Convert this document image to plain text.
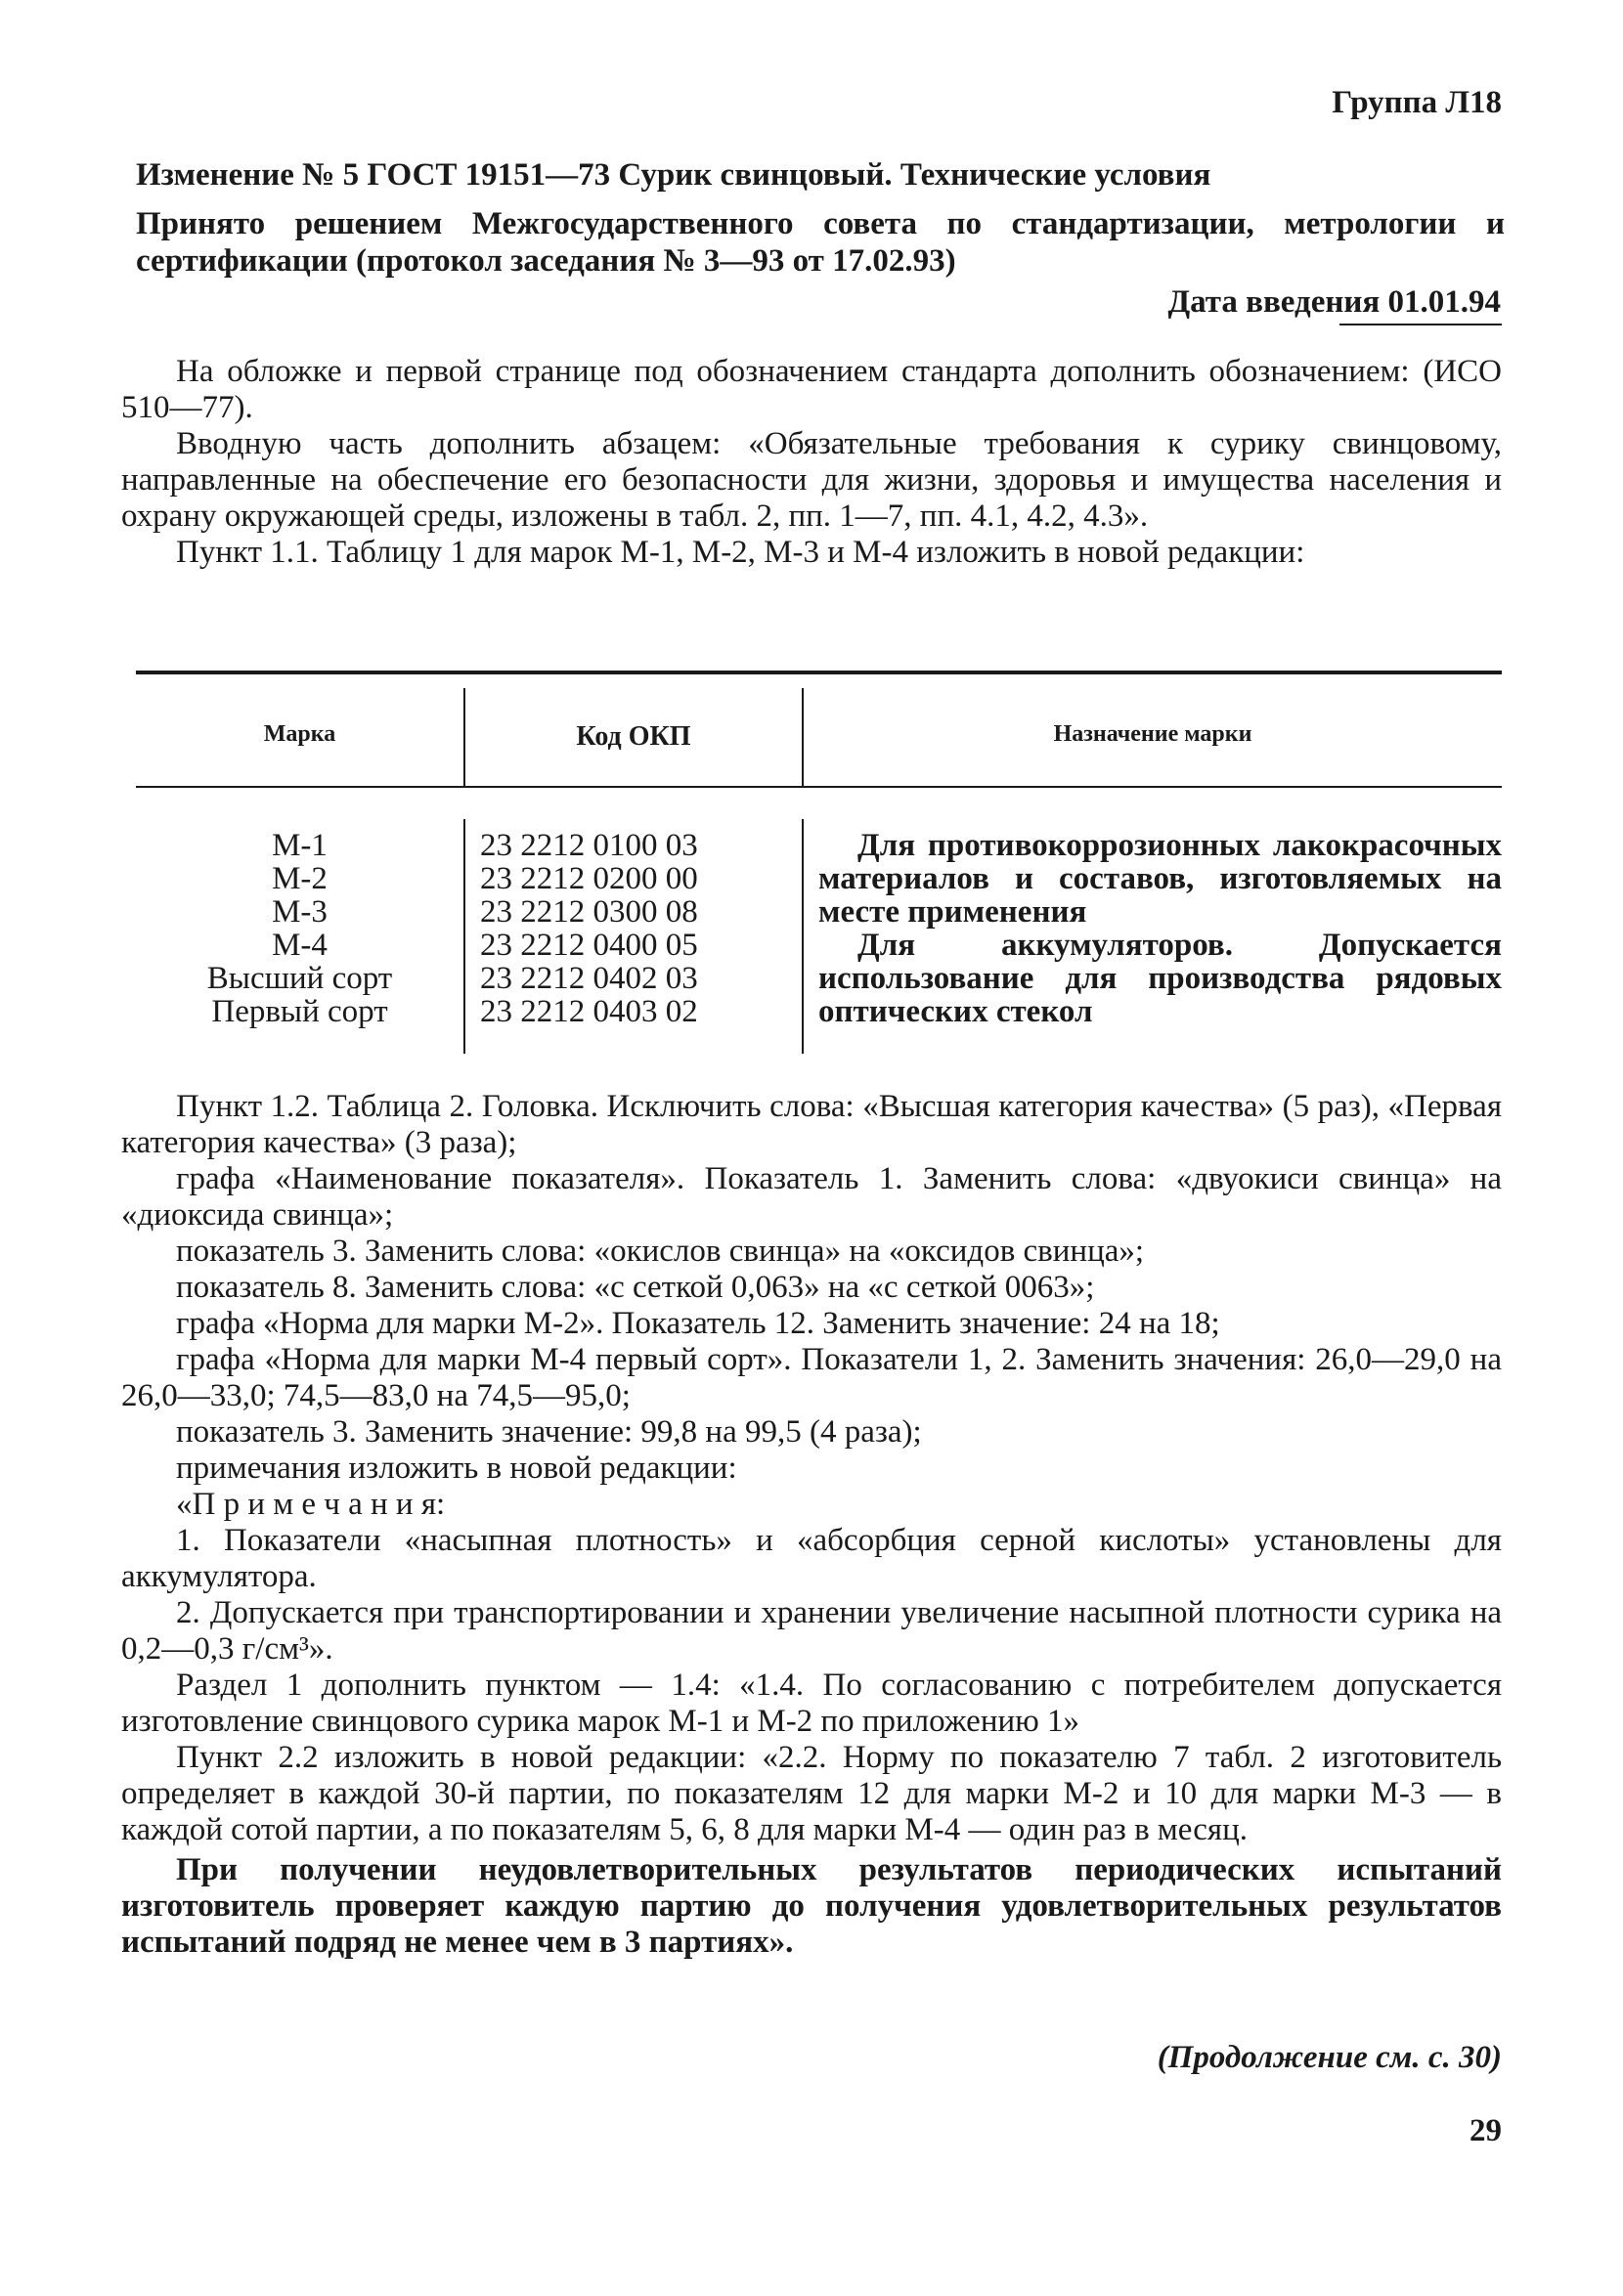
Группа Л18
Изменение № 5 ГОСТ 19151—73 Сурик свинцовый. Технические условия
Принято решением Межгосударственного совета по стандартизации, метрологии и сертификации (протокол заседания № 3—93 от 17.02.93)
Дата введения 01.01.94

На обложке и первой странице под обозначением стандарта дополнить обозначением: (ИСО 510—77).

Вводную часть дополнить абзацем: «Обязательные требования к сурику свинцовому, направленные на обеспечение его безопасности для жизни, здоровья и имущества населения и охрану окружающей среды, изложены в табл. 2, пп. 1—7, пп. 4.1, 4.2, 4.3».

Пункт 1.1. Таблицу 1 для марок М-1, М-2, М-3 и М-4 изложить в новой редакции:

Марка	Код ОКП	Назначение марки
М-1
М-2
М-3
М-4
Высший сорт
Первый сорт
23 2212 0100 03
23 2212 0200 00
23 2212 0300 08
23 2212 0400 05
23 2212 0402 03
23 2212 0403 02
Для противокоррозионных лакокрасочных материалов и составов, изготовляемых на месте применения
Для аккумуляторов. Допускается использование для производства рядовых оптических стекол

Пункт 1.2. Таблица 2. Головка. Исключить слова: «Высшая категория качества» (5 раз), «Первая категория качества» (3 раза);

графа «Наименование показателя». Показатель 1. Заменить слова: «двуокиси свинца» на «диоксида свинца»;

показатель 3. Заменить слова: «окислов свинца» на «оксидов свинца»;

показатель 8. Заменить слова: «с сеткой 0,063» на «с сеткой 0063»;

графа «Норма для марки М-2». Показатель 12. Заменить значение: 24 на 18;

графа «Норма для марки М-4 первый сорт». Показатели 1, 2. Заменить значения: 26,0—29,0 на 26,0—33,0; 74,5—83,0 на 74,5—95,0;

показатель 3. Заменить значение: 99,8 на 99,5 (4 раза);

примечания изложить в новой редакции:

«П р и м е ч а н и я:

1. Показатели «насыпная плотность» и «абсорбция серной кислоты» установлены для аккумулятора.

2. Допускается при транспортировании и хранении увеличение насыпной плотности сурика на 0,2—0,3 г/см³».

Раздел 1 дополнить пунктом — 1.4: «1.4. По согласованию с потребителем допускается изготовление свинцового сурика марок М-1 и М-2 по приложению 1»

Пункт 2.2 изложить в новой редакции: «2.2. Норму по показателю 7 табл. 2 изготовитель определяет в каждой 30-й партии, по показателям 12 для марки М-2 и 10 для марки М-3 — в каждой сотой партии, а по показателям 5, 6, 8 для марки М-4 — один раз в месяц.

При получении неудовлетворительных результатов периодических испытаний изготовитель проверяет каждую партию до получения удовлетворительных результатов испытаний подряд не менее чем в 3 партиях».

(Продолжение см. с. 30)
29
